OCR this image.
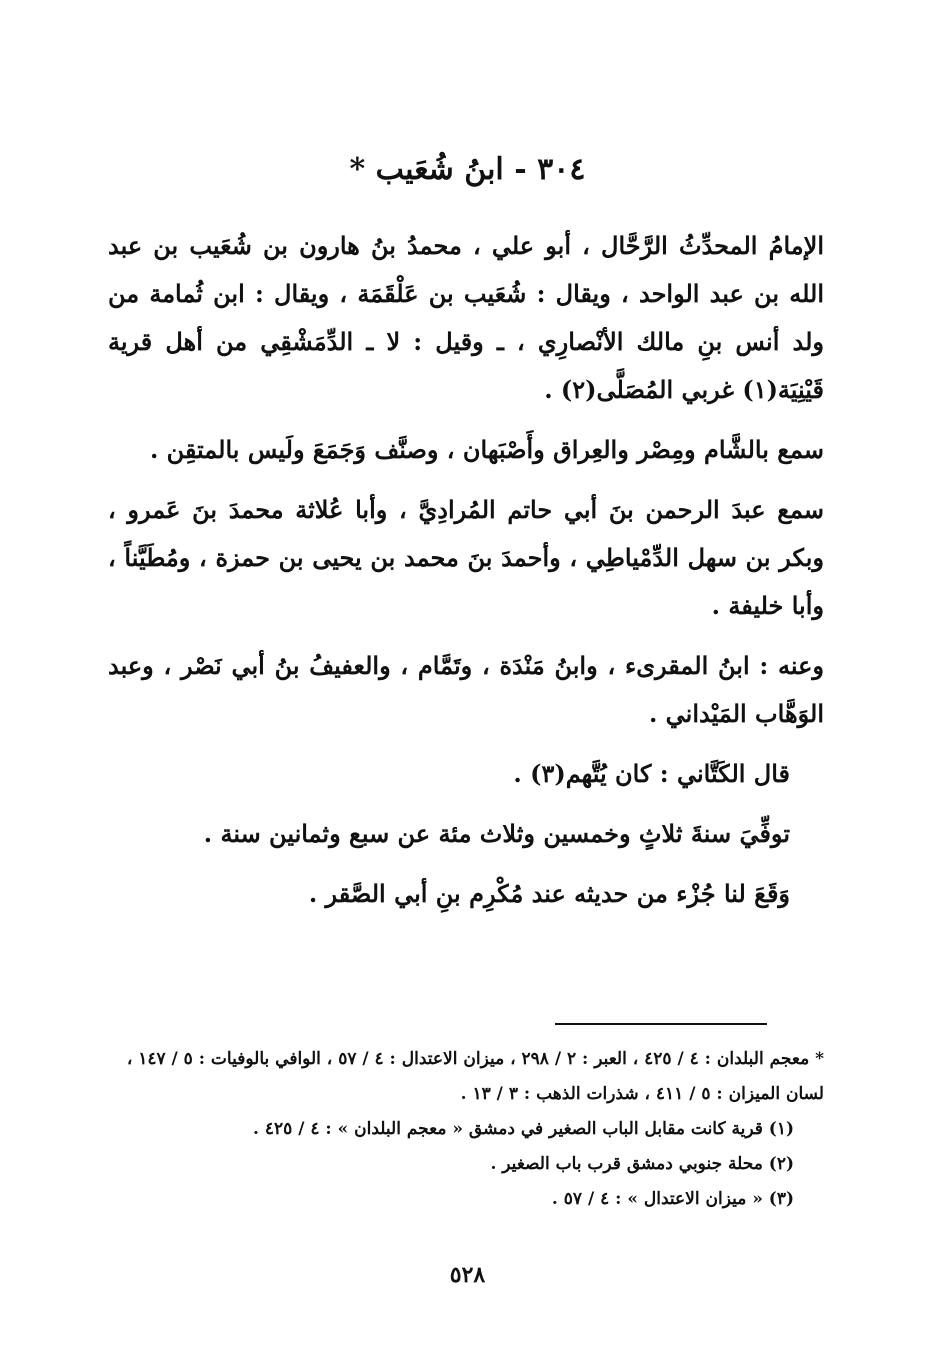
٣٠٤ - ابنُ شُعَيب *

الإمامُ المحدِّثُ الرَّحَّال ، أبو علي ، محمدُ بنُ هارون بن شُعَيب بن عبد الله بن عبد الواحد ، ويقال : شُعَيب بن عَلْقَمَة ، ويقال : ابن ثُمامة من ولد أنس بنِ مالك الأنْصارِي ، ـ وقيل : لا ـ الدِّمَشْقِي من أهل قرية قَيْنِيَة(١) غربي المُصَلَّى(٢) .

سمع بالشَّام ومِصْر والعِراق وأَصْبَهان ، وصنَّف وَجَمَعَ ولَيس بالمتقِن .

سمع عبدَ الرحمن بنَ أبي حاتم المُرادِيَّ ، وأبا عُلاثة محمدَ بنَ عَمرو ، وبكر بن سهل الدِّمْياطِي ، وأحمدَ بنَ محمد بن يحيى بن حمزة ، ومُطَيَّناً ، وأبا خليفة .

وعنه : ابنُ المقرىء ، وابنُ مَنْدَة ، وتَمَّام ، والعفيفُ بنُ أبي نَصْر ، وعبد الوَهَّاب المَيْداني .

قال الكَتَّاني : كان يُتَّهم(٣) .

توفِّيَ سنةَ ثلاثٍ وخمسين وثلاث مئة عن سبع وثمانين سنة .

وَقَعَ لنا جُزْء من حديثه عند مُكْرِم بنِ أبي الصَّقر .

* معجم البلدان : ٤ / ٤٢٥ ، العبر : ٢ / ٢٩٨ ، ميزان الاعتدال : ٤ / ٥٧ ، الوافي بالوفيات : ٥ / ١٤٧ ، لسان الميزان : ٥ / ٤١١ ، شذرات الذهب : ٣ / ١٣ .

(١) قرية كانت مقابل الباب الصغير في دمشق « معجم البلدان » : ٤ / ٤٢٥ .

(٢) محلة جنوبي دمشق قرب باب الصغير .

(٣) « ميزان الاعتدال » : ٤ / ٥٧ .

٥٢٨
